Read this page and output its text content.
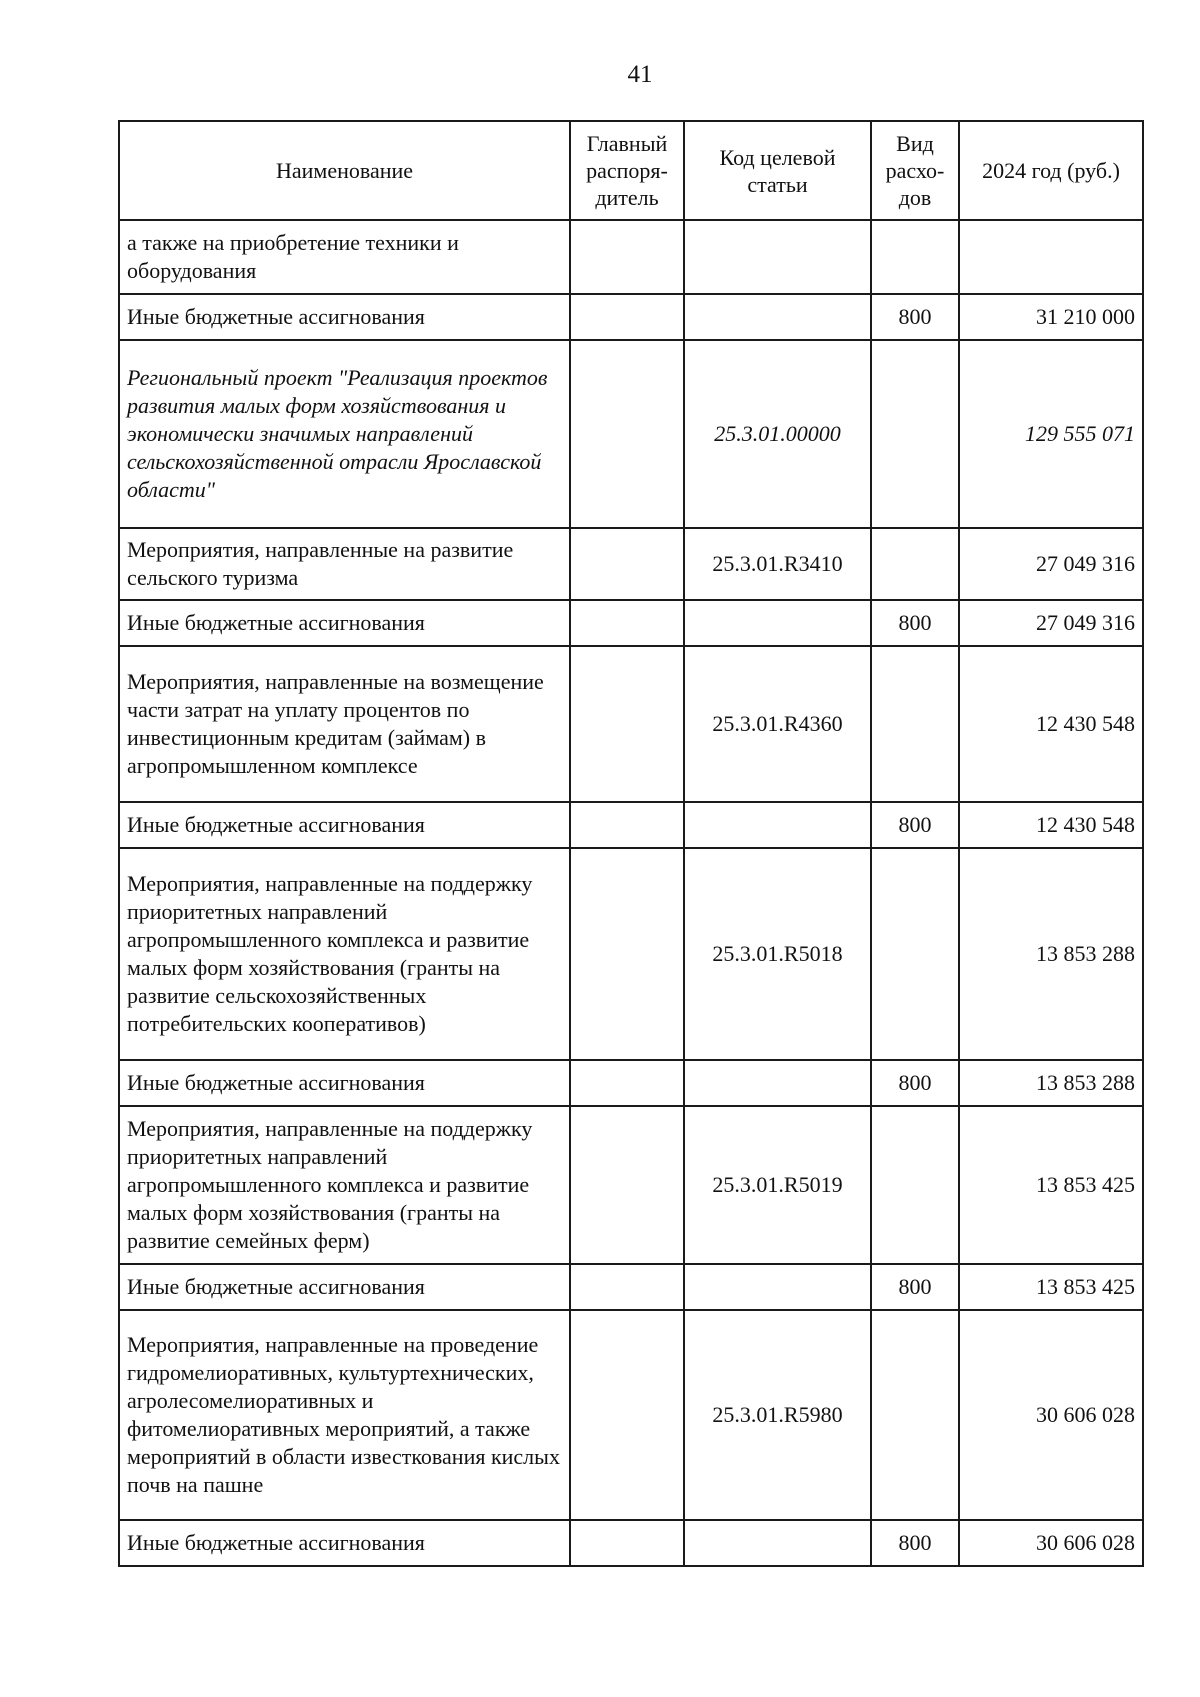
41
Наименование	Главный распоря-дитель	Код целевой статьи	Вид расхо-дов	2024 год (руб.)
а также на приобретение техники и оборудования				
Иные бюджетные ассигнования			800	31 210 000
Региональный проект "Реализация проектов развития малых форм хозяйствования и экономически значимых направлений сельскохозяйственной отрасли Ярославской области"		25.3.01.00000		129 555 071
Мероприятия, направленные на развитие сельского туризма		25.3.01.R3410		27 049 316
Иные бюджетные ассигнования			800	27 049 316
Мероприятия, направленные на возмещение части затрат на уплату процентов по инвестиционным кредитам (займам) в агропромышленном комплексе		25.3.01.R4360		12 430 548
Иные бюджетные ассигнования			800	12 430 548
Мероприятия, направленные на поддержку приоритетных направлений агропромышленного комплекса и развитие малых форм хозяйствования (гранты на развитие сельскохозяйственных потребительских кооперативов)		25.3.01.R5018		13 853 288
Иные бюджетные ассигнования			800	13 853 288
Мероприятия, направленные на поддержку приоритетных направлений агропромышленного комплекса и развитие малых форм хозяйствования (гранты на развитие семейных ферм)		25.3.01.R5019		13 853 425
Иные бюджетные ассигнования			800	13 853 425
Мероприятия, направленные на проведение гидромелиоративных, культуртехнических, агролесомелиоративных и фитомелиоративных мероприятий, а также мероприятий в области известкования кислых почв на пашне		25.3.01.R5980		30 606 028
Иные бюджетные ассигнования			800	30 606 028
